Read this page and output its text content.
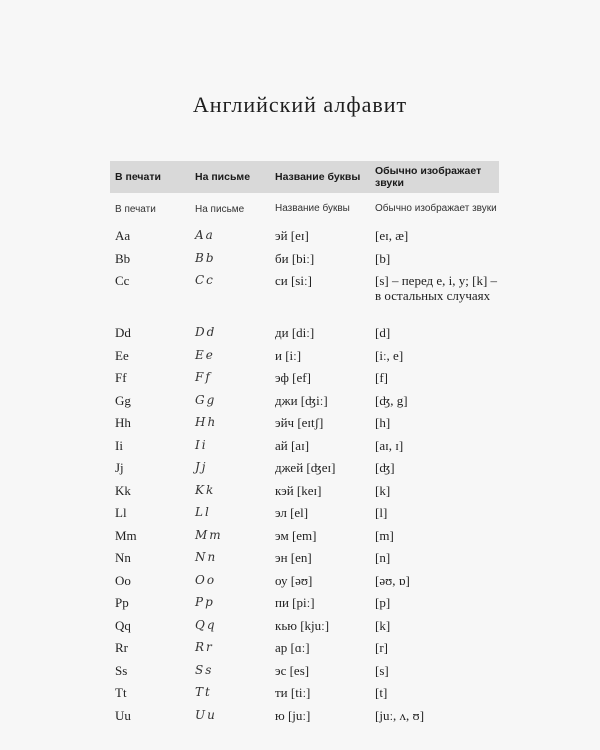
Английский алфавит
В печати	На письме	Название буквы	Обычно изображает звуки
В печати	На письме	Название буквы	Обычно изображает звуки
Aa	Aa	эй [eɪ]	[eɪ, æ]
Bb	Bb	би [biː]	[b]
Cc	Cc	си [siː]	[s] – перед e, i, y; [k] – в остальных случаях
Dd	Dd	ди [diː]	[d]
Ee	Ee	и [iː]	[iː, e]
Ff	Ff	эф [ef]	[f]
Gg	Gg	джи [ʤiː]	[ʤ, g]
Hh	Hh	эйч [eɪtʃ]	[h]
Ii	Ii	ай [aɪ]	[aɪ, ɪ]
Jj	Jj	джей [ʤeɪ]	[ʤ]
Kk	Kk	кэй [keɪ]	[k]
Ll	Ll	эл [el]	[l]
Mm	Mm	эм [em]	[m]
Nn	Nn	эн [en]	[n]
Oo	Oo	оу [əʊ]	[əʊ, ɒ]
Pp	Pp	пи [piː]	[p]
Qq	Qq	кью [kjuː]	[k]
Rr	Rr	ар [ɑː]	[r]
Ss	Ss	эс [es]	[s]
Tt	Tt	ти [tiː]	[t]
Uu	Uu	ю [juː]	[juː, ʌ, ʊ]
